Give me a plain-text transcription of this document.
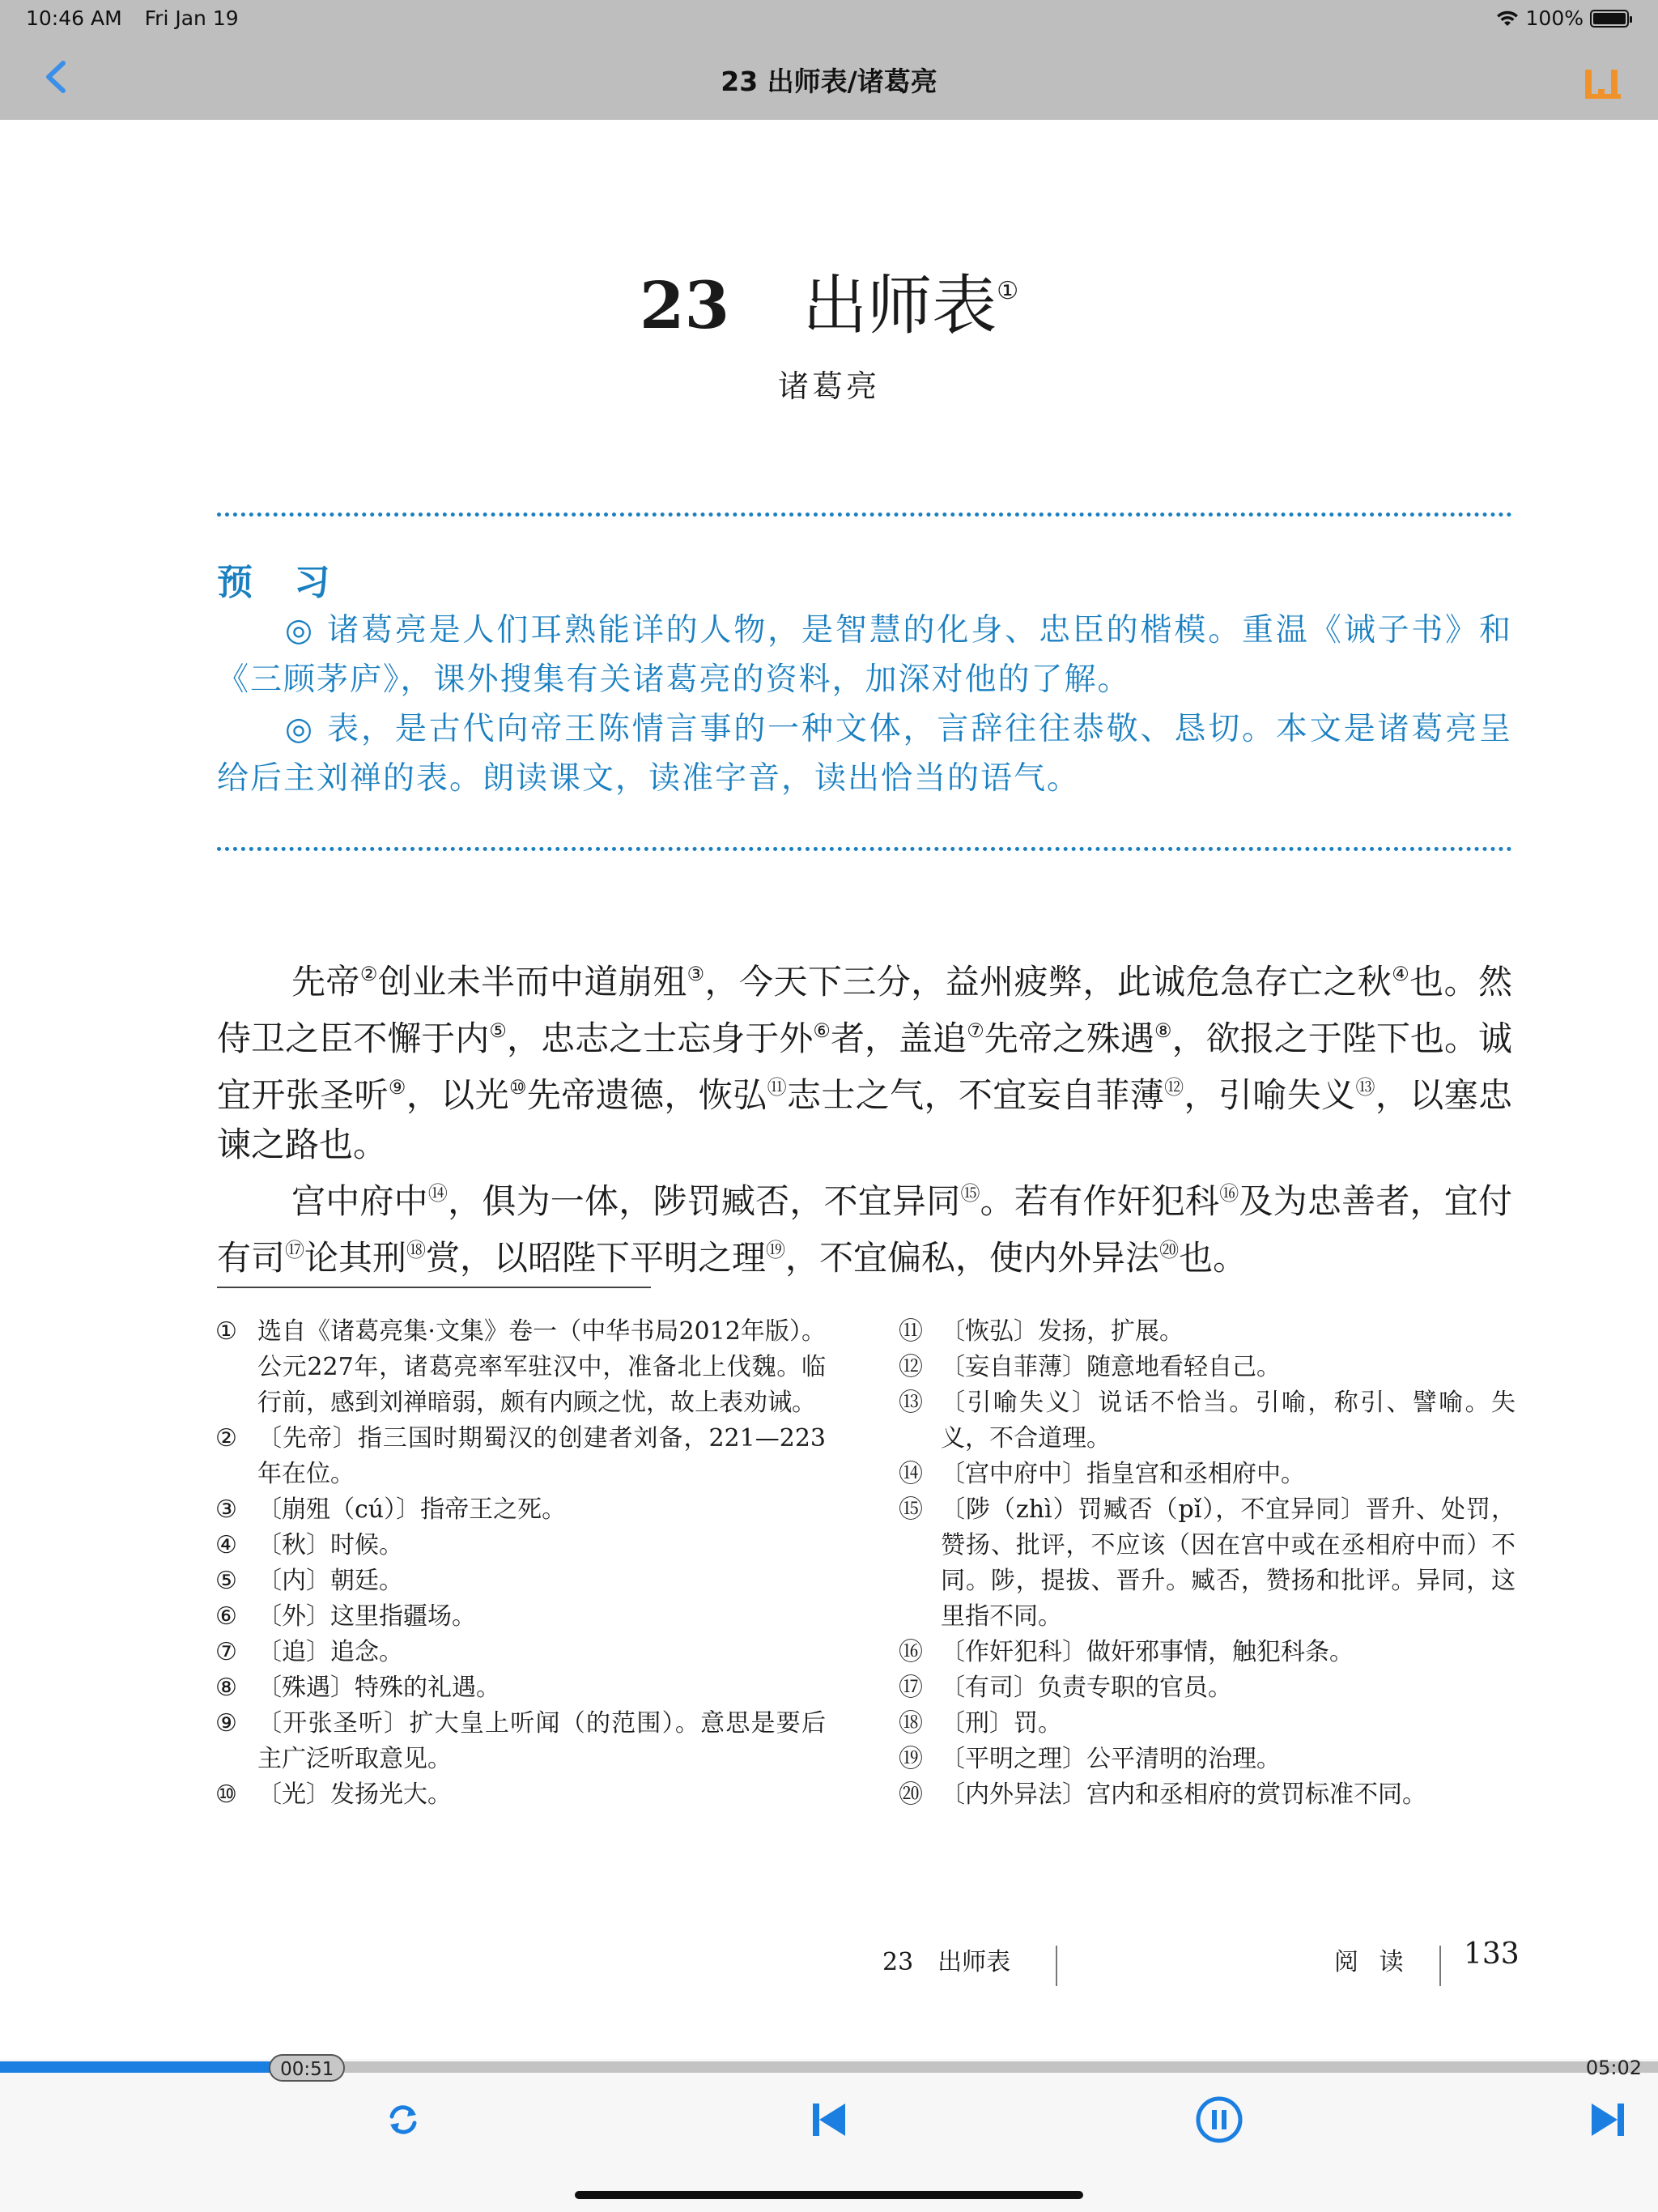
10:46 AM Fri Jan 19	100%
23 出师表/诸葛亮
23 出师表①
诸葛亮
预 习

◎ 诸葛亮是人们耳熟能详的人物，是智慧的化身、忠臣的楷模。重温《诫子书》和《三顾茅庐》，课外搜集有关诸葛亮的资料，加深对他的了解。

◎ 表，是古代向帝王陈情言事的一种文体，言辞往往恭敬、恳切。本文是诸葛亮呈给后主刘禅的表。朗读课文，读准字音，读出恰当的语气。

先帝②创业未半而中道崩殂③，今天下三分，益州疲弊，此诚危急存亡之秋④也。然侍卫之臣不懈于内⑤，忠志之士忘身于外⑥者，盖追⑦先帝之殊遇⑧，欲报之于陛下也。诚宜开张圣听⑨，以光⑩先帝遗德，恢弘⑪志士之气，不宜妄自菲薄⑫，引喻失义⑬，以塞忠谏之路也。

宫中府中⑭，俱为一体，陟罚臧否，不宜异同⑮。若有作奸犯科⑯及为忠善者，宜付有司⑰论其刑⑱赏，以昭陛下平明之理⑲，不宜偏私，使内外异法⑳也。

① 选自《诸葛亮集·文集》卷一（中华书局2012年版）。公元227年，诸葛亮率军驻汉中，准备北上伐魏。临行前，感到刘禅暗弱，颇有内顾之忧，故上表劝诫。
② 〔先帝〕指三国时期蜀汉的创建者刘备，221—223年在位。
③ 〔崩殂（cú）〕指帝王之死。
④ 〔秋〕时候。
⑤ 〔内〕朝廷。
⑥ 〔外〕这里指疆场。
⑦ 〔追〕追念。
⑧ 〔殊遇〕特殊的礼遇。
⑨ 〔开张圣听〕扩大皇上听闻（的范围）。意思是要后主广泛听取意见。
⑩ 〔光〕发扬光大。
⑪ 〔恢弘〕发扬，扩展。
⑫ 〔妄自菲薄〕随意地看轻自己。
⑬ 〔引喻失义〕说话不恰当。引喻，称引、譬喻。失义，不合道理。
⑭ 〔宫中府中〕指皇宫和丞相府中。
⑮ 〔陟（zhì）罚臧否（pǐ），不宜异同〕晋升、处罚，赞扬、批评，不应该（因在宫中或在丞相府中而）不同。陟，提拔、晋升。臧否，赞扬和批评。异同，这里指不同。
⑯ 〔作奸犯科〕做奸邪事情，触犯科条。
⑰ 〔有司〕负责专职的官员。
⑱ 〔刑〕罚。
⑲ 〔平明之理〕公平清明的治理。
⑳ 〔内外异法〕宫内和丞相府的赏罚标准不同。
23　出师表	阅 读 133
00:51	05:02
